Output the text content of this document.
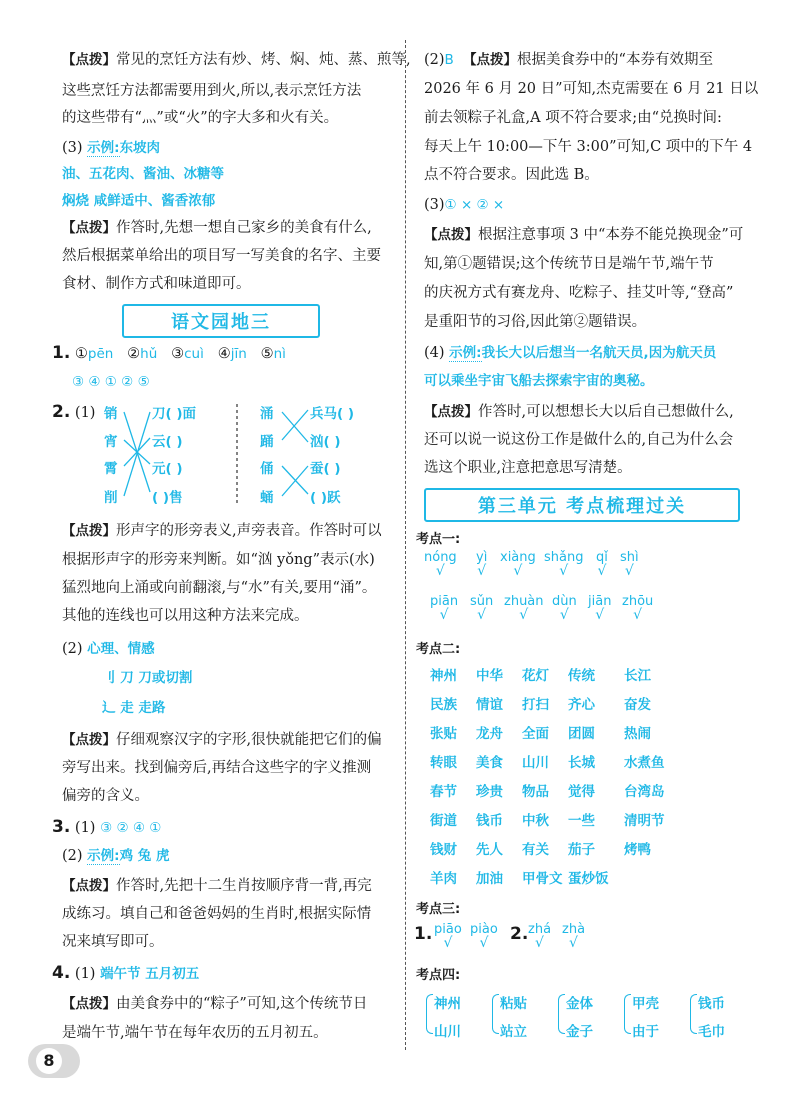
【点拨】常见的烹饪方法有炒、烤、焖、炖、蒸、煎等,
这些烹饪方法都需要用到火,所以,表示烹饪方法
的这些带有“灬”或“火”的字大多和火有关。
(3) 示例:东坡肉
油、五花肉、酱油、冰糖等
焖烧 咸鲜适中、酱香浓郁
【点拨】作答时,先想一想自己家乡的美食有什么,
然后根据菜单给出的项目写一写美食的名字、主要
食材、制作方式和味道即可。
语文园地三
1. ①pēn ②hǔ ③cuì ④jīn ⑤nì
③ ④ ① ② ⑤
2. (1) 销
宵
霄
削
刀( )面
云( )
元( )
( )售
涌
踊
俑
蛹
兵马( )
汹( )
蚕( )
( )跃
【点拨】形声字的形旁表义,声旁表音。作答时可以
根据形声字的形旁来判断。如“汹 yǒng”表示(水)
猛烈地向上涌或向前翻滚,与“水”有关,要用“涌”。
其他的连线也可以用这种方法来完成。
(2) 心理、情感
刂 刀 刀或切割
辶 走 走路
【点拨】仔细观察汉字的字形,很快就能把它们的偏
旁写出来。找到偏旁后,再结合这些字的字义推测
偏旁的含义。
3. (1) ③ ② ④ ①
(2) 示例:鸡 兔 虎
【点拨】作答时,先把十二生肖按顺序背一背,再完
成练习。填自己和爸爸妈妈的生肖时,根据实际情
况来填写即可。
4. (1) 端午节 五月初五
【点拨】由美食券中的“粽子”可知,这个传统节日
是端午节,端午节在每年农历的五月初五。
(2)B 【点拨】根据美食券中的“本券有效期至
2026 年 6 月 20 日”可知,杰克需要在 6 月 21 日以
前去领粽子礼盒,A 项不符合要求;由“兑换时间:
每天上午 10:00—下午 3:00”可知,C 项中的下午 4
点不符合要求。因此选 B。
(3)① × ② ×
【点拨】根据注意事项 3 中“本券不能兑换现金”可
知,第①题错误;这个传统节日是端午节,端午节
的庆祝方式有赛龙舟、吃粽子、挂艾叶等,“登高”
是重阳节的习俗,因此第②题错误。
(4) 示例:我长大以后想当一名航天员,因为航天员
可以乘坐宇宙飞船去探索宇宙的奥秘。
【点拨】作答时,可以想想长大以后自己想做什么,
还可以说一说这份工作是做什么的,自己为什么会
选这个职业,注意把意思写清楚。
第三单元 考点梳理过关
考点一:
nóng
√
yì
√
xiàng
√
shǎng
√
qǐ
√
shì
√
piān
√
sǔn
√
zhuàn
√
dùn
√
jiān
√
zhōu
√
考点二:
神州 中华 花灯 传统 长江
民族 情谊 打扫 齐心 奋发
张贴 龙舟 全面 团圆 热闹
转眼 美食 山川 长城 水煮鱼
春节 珍贵 物品 觉得 台湾岛
街道 钱币 中秋 一些 清明节
钱财 先人 有关 茄子 烤鸭
羊肉 加油 甲骨文 蛋炒饭
考点三:
1. piāo
√
piào
√	2. zhá
√
zhà
√
考点四:
神州
山川
粘贴
站立
金体
金子
甲壳
由于
钱币
毛巾
8
